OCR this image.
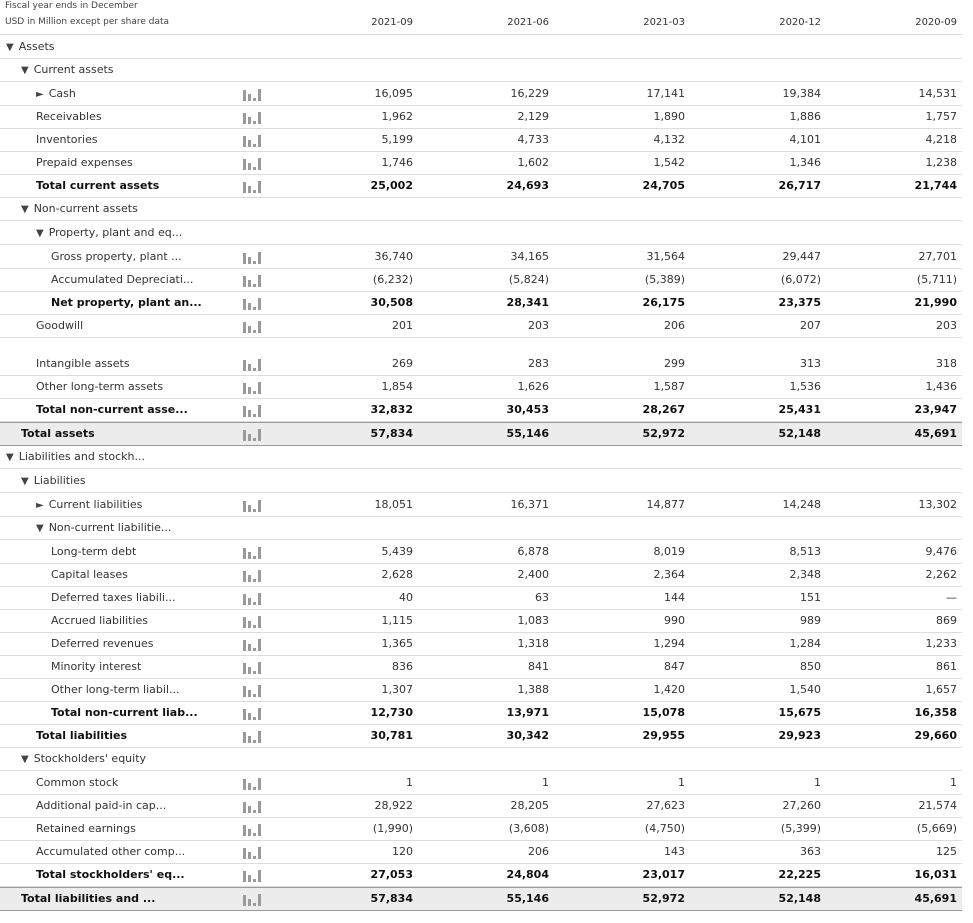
Fiscal year ends in December
USD in Million except per share data	2021-09	2021-06	2021-03	2020-12	2020-09
▼ Assets
▼ Current assets
► Cash	16,095	16,229	17,141	19,384	14,531
Receivables	1,962	2,129	1,890	1,886	1,757
Inventories	5,199	4,733	4,132	4,101	4,218
Prepaid expenses	1,746	1,602	1,542	1,346	1,238
Total current assets	25,002	24,693	24,705	26,717	21,744
▼ Non-current assets
▼ Property, plant and eq...
Gross property, plant ...	36,740	34,165	31,564	29,447	27,701
Accumulated Depreciati...	(6,232)	(5,824)	(5,389)	(6,072)	(5,711)
Net property, plant an...	30,508	28,341	26,175	23,375	21,990
Goodwill	201	203	206	207	203
Intangible assets	269	283	299	313	318
Other long-term assets	1,854	1,626	1,587	1,536	1,436
Total non-current asse...	32,832	30,453	28,267	25,431	23,947
Total assets	57,834	55,146	52,972	52,148	45,691
▼ Liabilities and stockh...
▼ Liabilities
► Current liabilities	18,051	16,371	14,877	14,248	13,302
▼ Non-current liabilitie...
Long-term debt	5,439	6,878	8,019	8,513	9,476
Capital leases	2,628	2,400	2,364	2,348	2,262
Deferred taxes liabili...	40	63	144	151	—
Accrued liabilities	1,115	1,083	990	989	869
Deferred revenues	1,365	1,318	1,294	1,284	1,233
Minority interest	836	841	847	850	861
Other long-term liabil...	1,307	1,388	1,420	1,540	1,657
Total non-current liab...	12,730	13,971	15,078	15,675	16,358
Total liabilities	30,781	30,342	29,955	29,923	29,660
▼ Stockholders' equity
Common stock	1	1	1	1	1
Additional paid-in cap...	28,922	28,205	27,623	27,260	21,574
Retained earnings	(1,990)	(3,608)	(4,750)	(5,399)	(5,669)
Accumulated other comp...	120	206	143	363	125
Total stockholders' eq...	27,053	24,804	23,017	22,225	16,031
Total liabilities and ...	57,834	55,146	52,972	52,148	45,691
